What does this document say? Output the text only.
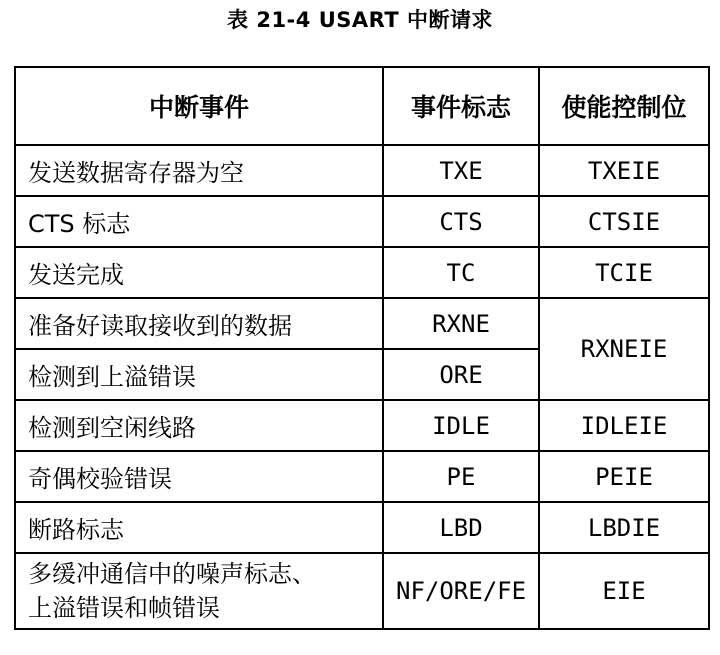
表 21-4 USART 中断请求
中断事件	事件标志	使能控制位
发送数据寄存器为空	TXE	TXEIE
CTS 标志	CTS	CTSIE
发送完成	TC	TCIE
准备好读取接收到的数据	RXNE	RXNEIE
检测到上溢错误	ORE	
检测到空闲线路	IDLE	IDLEIE
奇偶校验错误	PE	PEIE
断路标志	LBD	LBDIE
多缓冲通信中的噪声标志、
上溢错误和帧错误	NF/ORE/FE	EIE
